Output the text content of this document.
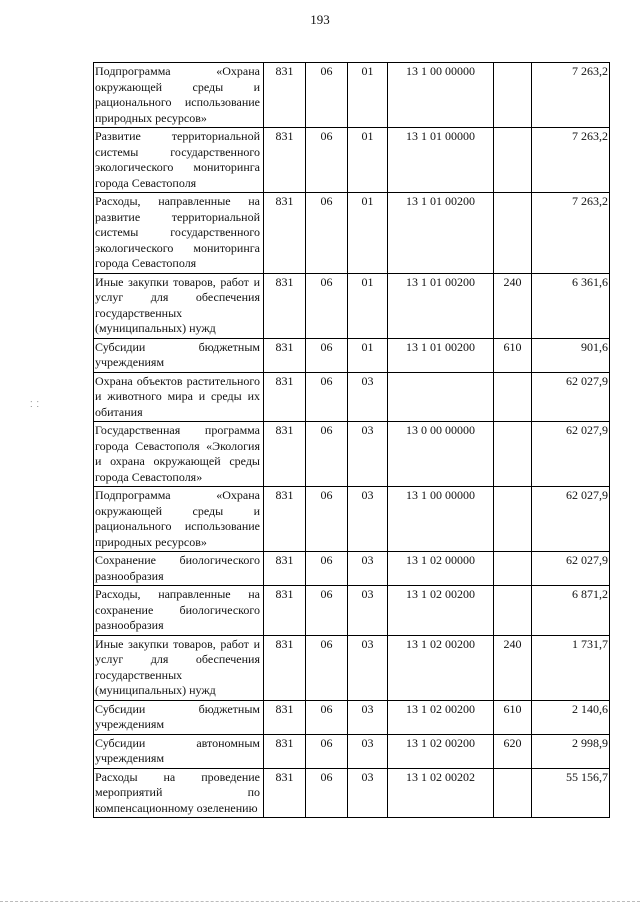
193
⁚ ⁚
Подпрограмма «Охрана окружающей среды и рационального использование природных ресурсов»	831	06	01	13 1 00 00000		7 263,2
Развитие территориальной системы государственного экологического мониторинга города Севастополя	831	06	01	13 1 01 00000		7 263,2
Расходы, направленные на развитие территориальной системы государственного экологического мониторинга города Севастополя	831	06	01	13 1 01 00200		7 263,2
Иные закупки товаров, работ и услуг для обеспечения государственных (муниципальных) нужд	831	06	01	13 1 01 00200	240	6 361,6
Субсидии бюджетным учреждениям	831	06	01	13 1 01 00200	610	901,6
Охрана объектов растительного и животного мира и среды их обитания	831	06	03			62 027,9
Государственная программа города Севастополя «Экология и охрана окружающей среды города Севастополя»	831	06	03	13 0 00 00000		62 027,9
Подпрограмма «Охрана окружающей среды и рационального использование природных ресурсов»	831	06	03	13 1 00 00000		62 027,9
Сохранение биологического разнообразия	831	06	03	13 1 02 00000		62 027,9
Расходы, направленные на сохранение биологического разнообразия	831	06	03	13 1 02 00200		6 871,2
Иные закупки товаров, работ и услуг для обеспечения государственных (муниципальных) нужд	831	06	03	13 1 02 00200	240	1 731,7
Субсидии бюджетным учреждениям	831	06	03	13 1 02 00200	610	2 140,6
Субсидии автономным учреждениям	831	06	03	13 1 02 00200	620	2 998,9
Расходы на проведение мероприятий по компенсационному озеленению	831	06	03	13 1 02 00202		55 156,7
